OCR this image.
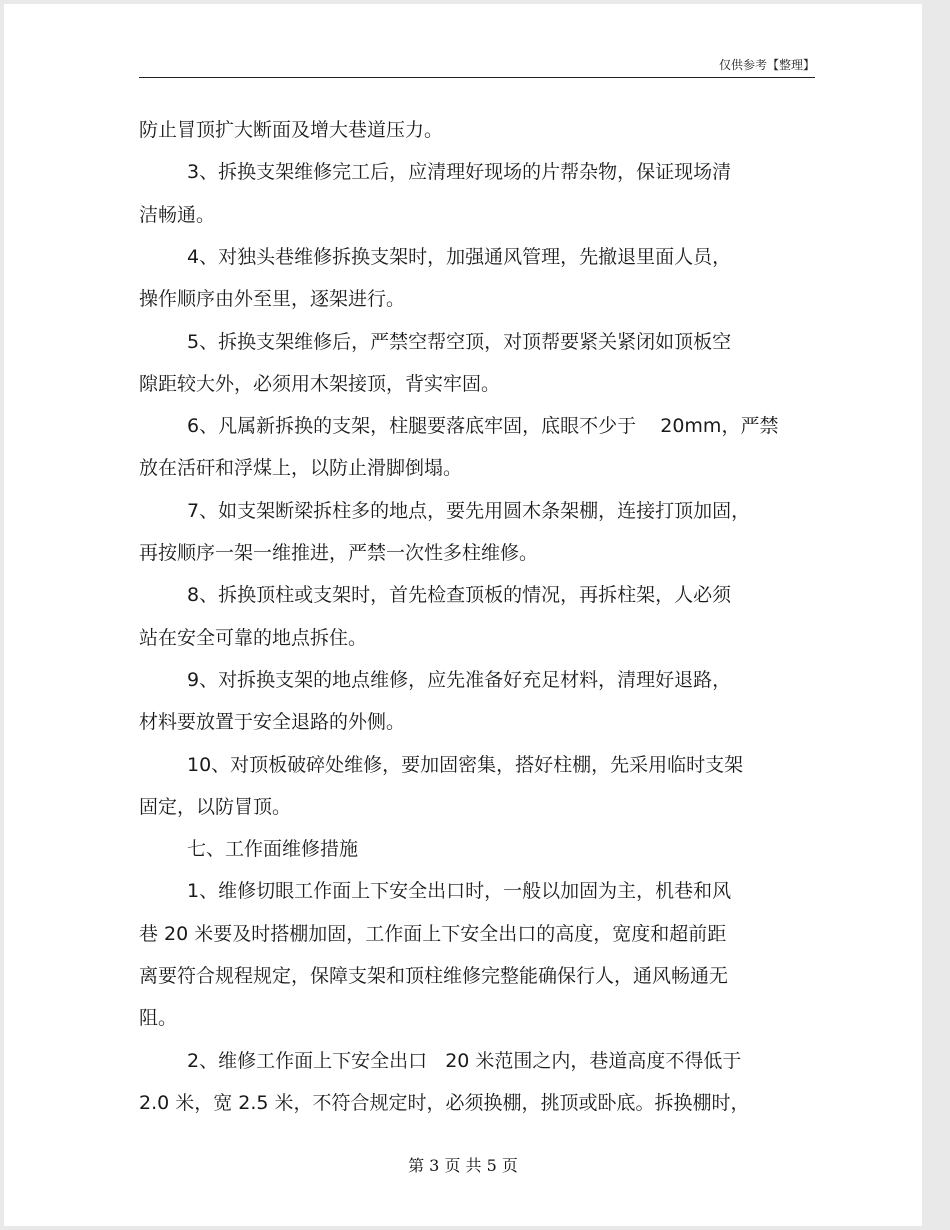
仅供参考【整理】
防止冒顶扩大断面及增大巷道压力。
3、拆换支架维修完工后，应清理好现场的片帮杂物，保证现场清
洁畅通。
4、对独头巷维修拆换支架时，加强通风管理，先撤退里面人员，
操作顺序由外至里，逐架进行。
5、拆换支架维修后，严禁空帮空顶，对顶帮要紧关紧闭如顶板空
隙距较大外，必须用木架接顶，背实牢固。
6、凡属新拆换的支架，柱腿要落底牢固，底眼不少于    20mm，严禁
放在活矸和浮煤上，以防止滑脚倒塌。
7、如支架断梁拆柱多的地点，要先用圆木条架棚，连接打顶加固，
再按顺序一架一维推进，严禁一次性多柱维修。
8、拆换顶柱或支架时，首先检查顶板的情况，再拆柱架，人必须
站在安全可靠的地点拆住。
9、对拆换支架的地点维修，应先准备好充足材料，清理好退路，
材料要放置于安全退路的外侧。
10、对顶板破碎处维修，要加固密集，搭好柱棚，先采用临时支架
固定，以防冒顶。
七、工作面维修措施
1、维修切眼工作面上下安全出口时，一般以加固为主，机巷和风
巷 20 米要及时搭棚加固，工作面上下安全出口的高度，宽度和超前距
离要符合规程规定，保障支架和顶柱维修完整能确保行人，通风畅通无
阻。
2、维修工作面上下安全出口   20 米范围之内，巷道高度不得低于
2.0 米，宽 2.5 米，不符合规定时，必须换棚，挑顶或卧底。拆换棚时，
第 3 页 共 5 页
